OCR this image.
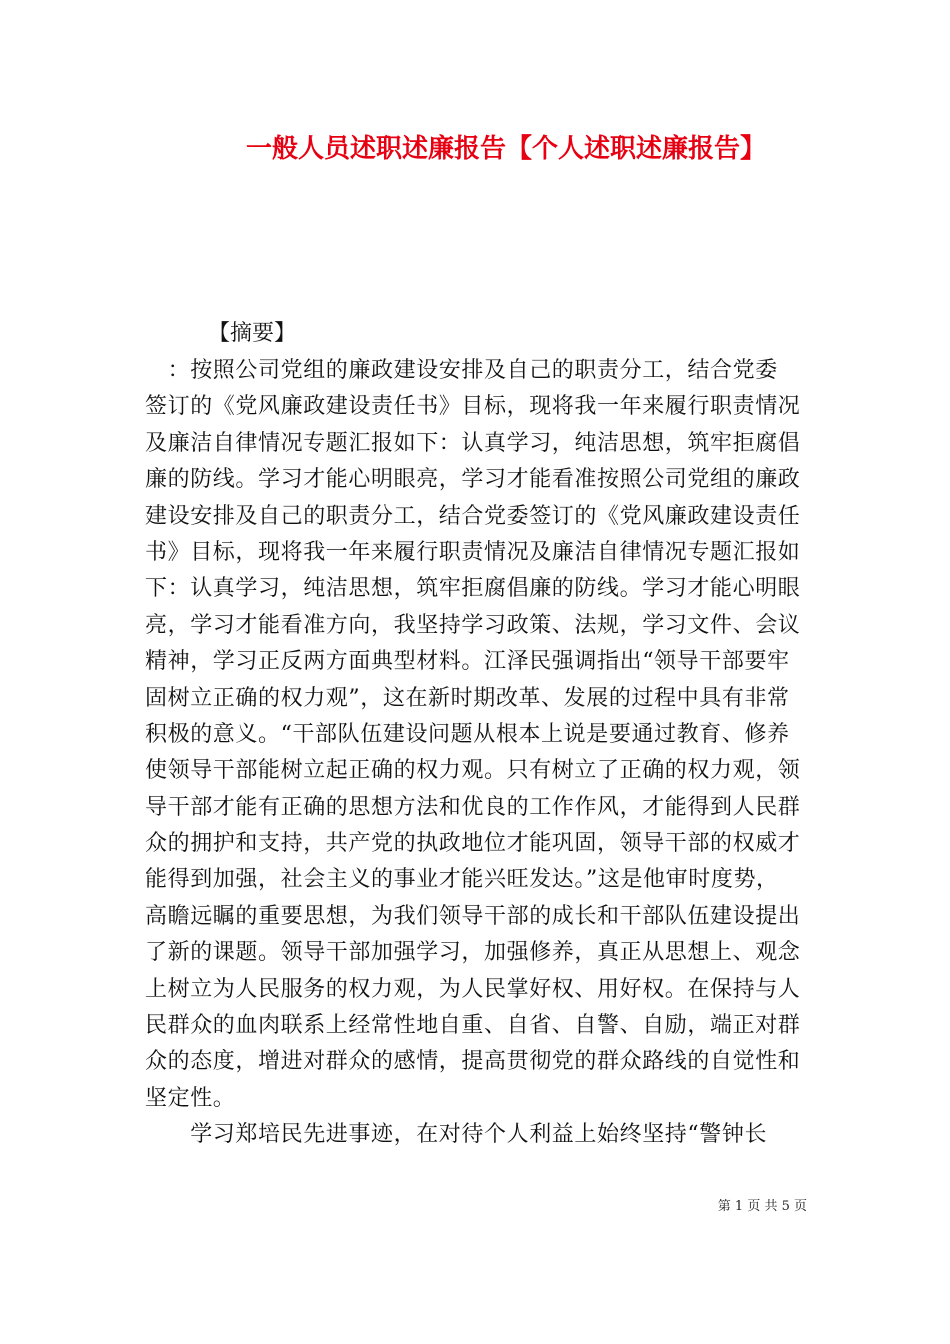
一般人员述职述廉报告【个人述职述廉报告】
【摘要】
　：按照公司党组的廉政建设安排及自己的职责分工，结合党委
签订的《党风廉政建设责任书》目标，现将我一年来履行职责情况
及廉洁自律情况专题汇报如下：认真学习，纯洁思想，筑牢拒腐倡
廉的防线。学习才能心明眼亮，学习才能看准按照公司党组的廉政
建设安排及自己的职责分工，结合党委签订的《党风廉政建设责任
书》目标，现将我一年来履行职责情况及廉洁自律情况专题汇报如
下：认真学习，纯洁思想，筑牢拒腐倡廉的防线。学习才能心明眼
亮，学习才能看准方向，我坚持学习政策、法规，学习文件、会议
精神，学习正反两方面典型材料。江泽民强调指出“领导干部要牢
固树立正确的权力观”，这在新时期改革、发展的过程中具有非常
积极的意义。“干部队伍建设问题从根本上说是要通过教育、修养
使领导干部能树立起正确的权力观。只有树立了正确的权力观，领
导干部才能有正确的思想方法和优良的工作作风，才能得到人民群
众的拥护和支持，共产党的执政地位才能巩固，领导干部的权威才
能得到加强，社会主义的事业才能兴旺发达。”这是他审时度势，
高瞻远瞩的重要思想，为我们领导干部的成长和干部队伍建设提出
了新的课题。领导干部加强学习，加强修养，真正从思想上、观念
上树立为人民服务的权力观，为人民掌好权、用好权。在保持与人
民群众的血肉联系上经常性地自重、自省、自警、自励，端正对群
众的态度，增进对群众的感情，提高贯彻党的群众路线的自觉性和
坚定性。
　　学习郑培民先进事迹，在对待个人利益上始终坚持“警钟长
第 1 页 共 5 页
